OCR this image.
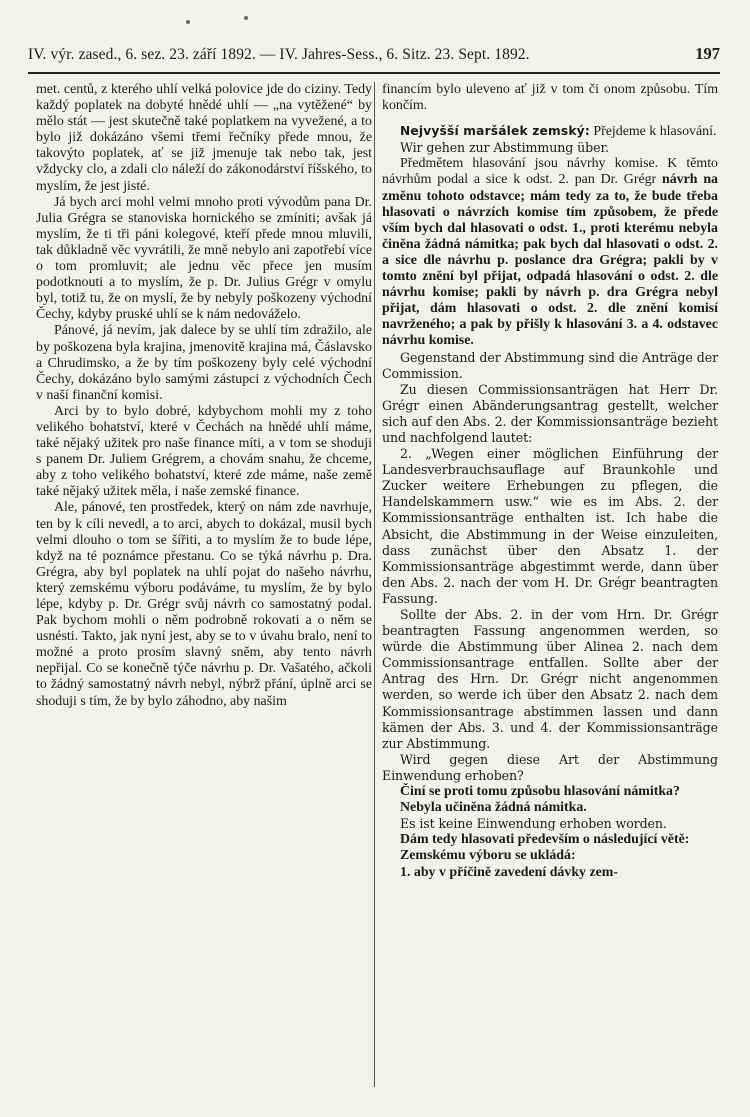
IV. výr. zased., 6. sez. 23. září 1892. — IV. Jahres-Sess., 6. Sitz. 23. Sept. 1892.	197

met. centů, z kterého uhlí velká polovice jde do ciziny. Tedy každý poplatek na dobyté hnědé uhlí — „na vytěžené“ by mělo stát — jest skutečně také poplatkem na vyvežené, a to bylo již dokázáno všemi třemi řečníky přede mnou, že takovýto poplatek, ať se již jmenuje tak nebo tak, jest vždycky clo, a zdali clo náleží do zákonodárství říšského, to myslím, že jest jisté.

Já bych arci mohl velmi mnoho proti vývodům pana Dr. Julia Grégra se stanoviska hornického se zmíniti; avšak já myslím, že ti tři páni kolegové, kteří přede mnou mluvili, tak důkladně věc vyvrátili, že mně nebylo ani zapotřebí více o tom promluvit; ale jednu věc přece jen musím podotknouti a to myslím, že p. Dr. Julius Grégr v omylu byl, totiž tu, že on myslí, že by nebyly poškozeny východní Čechy, kdyby pruské uhlí se k nám nedováželo.

Pánové, já nevím, jak dalece by se uhlí tím zdražilo, ale by poškozena byla krajina, jmenovitě krajina má, Čáslavsko a Chrudimsko, a že by tím poškozeny byly celé východní Čechy, dokázáno bylo samými zástupci z východních Čech v naší finanční komisi.

Arci by to bylo dobré, kdybychom mohli my z toho velikého bohatství, které v Čechách na hnědé uhlí máme, také nějaký užitek pro naše finance míti, a v tom se shoduji s panem Dr. Juliem Grégrem, a chovám snahu, že chceme, aby z toho velikého bohatství, které zde máme, naše země také nějaký užitek měla, i naše zemské finance.

Ale, pánové, ten prostředek, který on nám zde navrhuje, ten by k cíli nevedl, a to arci, abych to dokázal, musil bych velmi dlouho o tom se šířiti, a to myslím že to bude lépe, když na té poznámce přestanu. Co se týká návrhu p. Dra. Grégra, aby byl poplatek na uhlí pojat do našeho návrhu, který zemskému výboru podáváme, tu myslím, že by bylo lépe, kdyby p. Dr. Grégr svůj návrh co samostatný podal. Pak bychom mohli o něm podrobně rokovati a o něm se usnésti. Takto, jak nyní jest, aby se to v úvahu bralo, není to možné a proto prosím slavný sněm, aby tento návrh nepřijal. Co se konečně týče návrhu p. Dr. Vašatého, ačkoli to žádný samostatný návrh nebyl, nýbrž přání, úplně arci se shoduji s tím, že by bylo záhodno, aby našim

financím bylo uleveno ať již v tom či onom způsobu. Tím končím.

Nejvyšší maršálek zemský: Přejdeme k hlasování.

Wir gehen zur Abstimmung über.

Předmětem hlasování jsou návrhy komise. K těmto návrhům podal a sice k odst. 2. pan Dr. Grégr návrh na změnu tohoto odstavce; mám tedy za to, že bude třeba hlasovati o návrzích komise tím způsobem, že přede vším bych dal hlasovati o odst. 1., proti kterému nebyla činěna žádná námitka; pak bych dal hlasovati o odst. 2. a sice dle návrhu p. poslance dra Grégra; pakli by v tomto znění byl přijat, odpadá hlasování o odst. 2. dle návrhu komise; pakli by návrh p. dra Grégra nebyl přijat, dám hlasovati o odst. 2. dle znění komisí navrženého; a pak by přišly k hlasování 3. a 4. odstavec návrhu komise.

Gegenstand der Abstimmung sind die Anträge der Commission.

Zu diesen Commissionsanträgen hat Herr Dr. Grégr einen Abänderungsantrag gestellt, welcher sich auf den Abs. 2. der Kommissionsanträge bezieht und nachfolgend lautet:

2. „Wegen einer möglichen Einführung der Landesverbrauchsauflage auf Braunkohle und Zucker weitere Erhebungen zu pflegen, die Handelskammern usw.“ wie es im Abs. 2. der Kommissionsanträge enthalten ist. Ich habe die Absicht, die Abstimmung in der Weise einzuleiten, dass zunächst über den Absatz 1. der Kommissionsanträge abgestimmt werde, dann über den Abs. 2. nach der vom H. Dr. Grégr beantragten Fassung.

Sollte der Abs. 2. in der vom Hrn. Dr. Grégr beantragten Fassung angenommen werden, so würde die Abstimmung über Alinea 2. nach dem Commissionsantrage entfallen. Sollte aber der Antrag des Hrn. Dr. Grégr nicht angenommen werden, so werde ich über den Absatz 2. nach dem Kommissionsantrage abstimmen lassen und dann kämen der Abs. 3. und 4. der Kommissionsanträge zur Abstimmung.

Wird gegen diese Art der Abstimmung Einwendung erhoben?

Činí se proti tomu způsobu hlasování námitka?

Nebyla učiněna žádná námitka.

Es ist keine Einwendung erhoben worden.

Dám tedy hlasovati především o následující větě:

Zemskému výboru se ukládá:

1. aby v příčině zavedení dávky zem-
